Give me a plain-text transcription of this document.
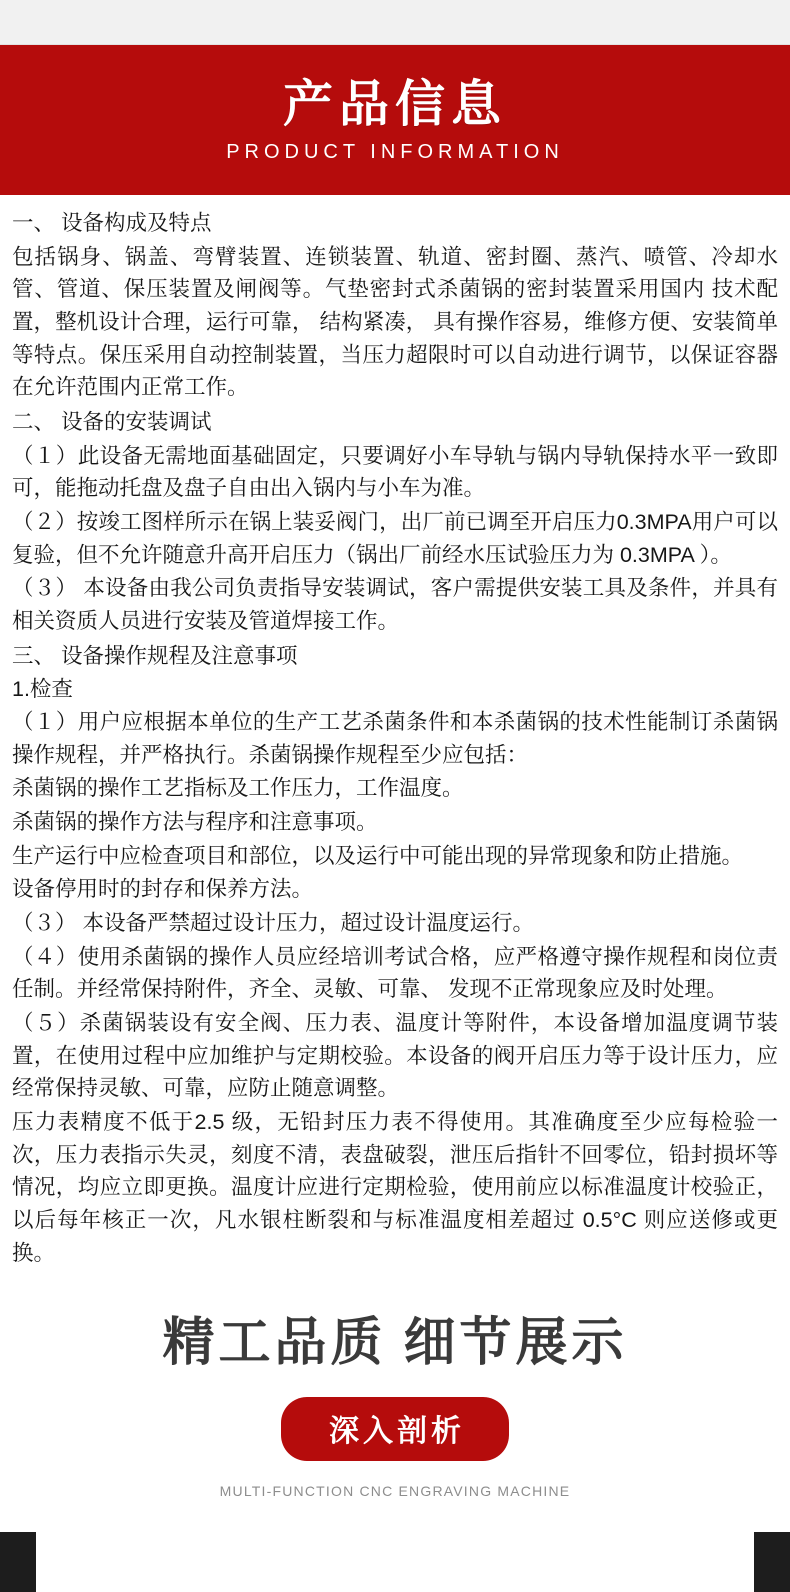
产品信息
PRODUCT INFORMATION

一、 设备构成及特点

包括锅身、锅盖、弯臂装置、连锁装置、轨道、密封圈、蒸汽、喷管、冷却水管、管道、保压装置及闸阀等。气垫密封式杀菌锅的密封装置采用国内 技术配置，整机设计合理，运行可靠， 结构紧凑， 具有操作容易，维修方便、安装简单等特点。保压采用自动控制装置，当压力超限时可以自动进行调节，以保证容器在允许范围内正常工作。

二、 设备的安装调试

（１）此设备无需地面基础固定，只要调好小车导轨与锅内导轨保持水平一致即可，能拖动托盘及盘子自由出入锅内与小车为准。

（２）按竣工图样所示在锅上装妥阀门，出厂前已调至开启压力0.3MPA用户可以复验，但不允许随意升高开启压力（锅出厂前经水压试验压力为 0.3MPA ）。

（３） 本设备由我公司负责指导安装调试，客户需提供安装工具及条件，并具有相关资质人员进行安装及管道焊接工作。

三、 设备操作规程及注意事项

1.检查

（１）用户应根据本单位的生产工艺杀菌条件和本杀菌锅的技术性能制订杀菌锅操作规程，并严格执行。杀菌锅操作规程至少应包括：

杀菌锅的操作工艺指标及工作压力，工作温度。

杀菌锅的操作方法与程序和注意事项。

生产运行中应检查项目和部位，以及运行中可能出现的异常现象和防止措施。

设备停用时的封存和保养方法。

（３） 本设备严禁超过设计压力，超过设计温度运行。

（４）使用杀菌锅的操作人员应经培训考试合格，应严格遵守操作规程和岗位责任制。并经常保持附件，齐全、灵敏、可靠、 发现不正常现象应及时处理。

（５）杀菌锅装设有安全阀、压力表、温度计等附件，本设备增加温度调节装置，在使用过程中应加维护与定期校验。本设备的阀开启压力等于设计压力，应经常保持灵敏、可靠，应防止随意调整。

压力表精度不低于2.5 级，无铅封压力表不得使用。其准确度至少应每检验一次，压力表指示失灵，刻度不清，表盘破裂，泄压后指针不回零位，铅封损坏等情况，均应立即更换。温度计应进行定期检验，使用前应以标准温度计校验正，以后每年核正一次，凡水银柱断裂和与标准温度相差超过 0.5°C 则应送修或更换。

精工品质 细节展示
深入剖析
MULTI-FUNCTION CNC ENGRAVING MACHINE
